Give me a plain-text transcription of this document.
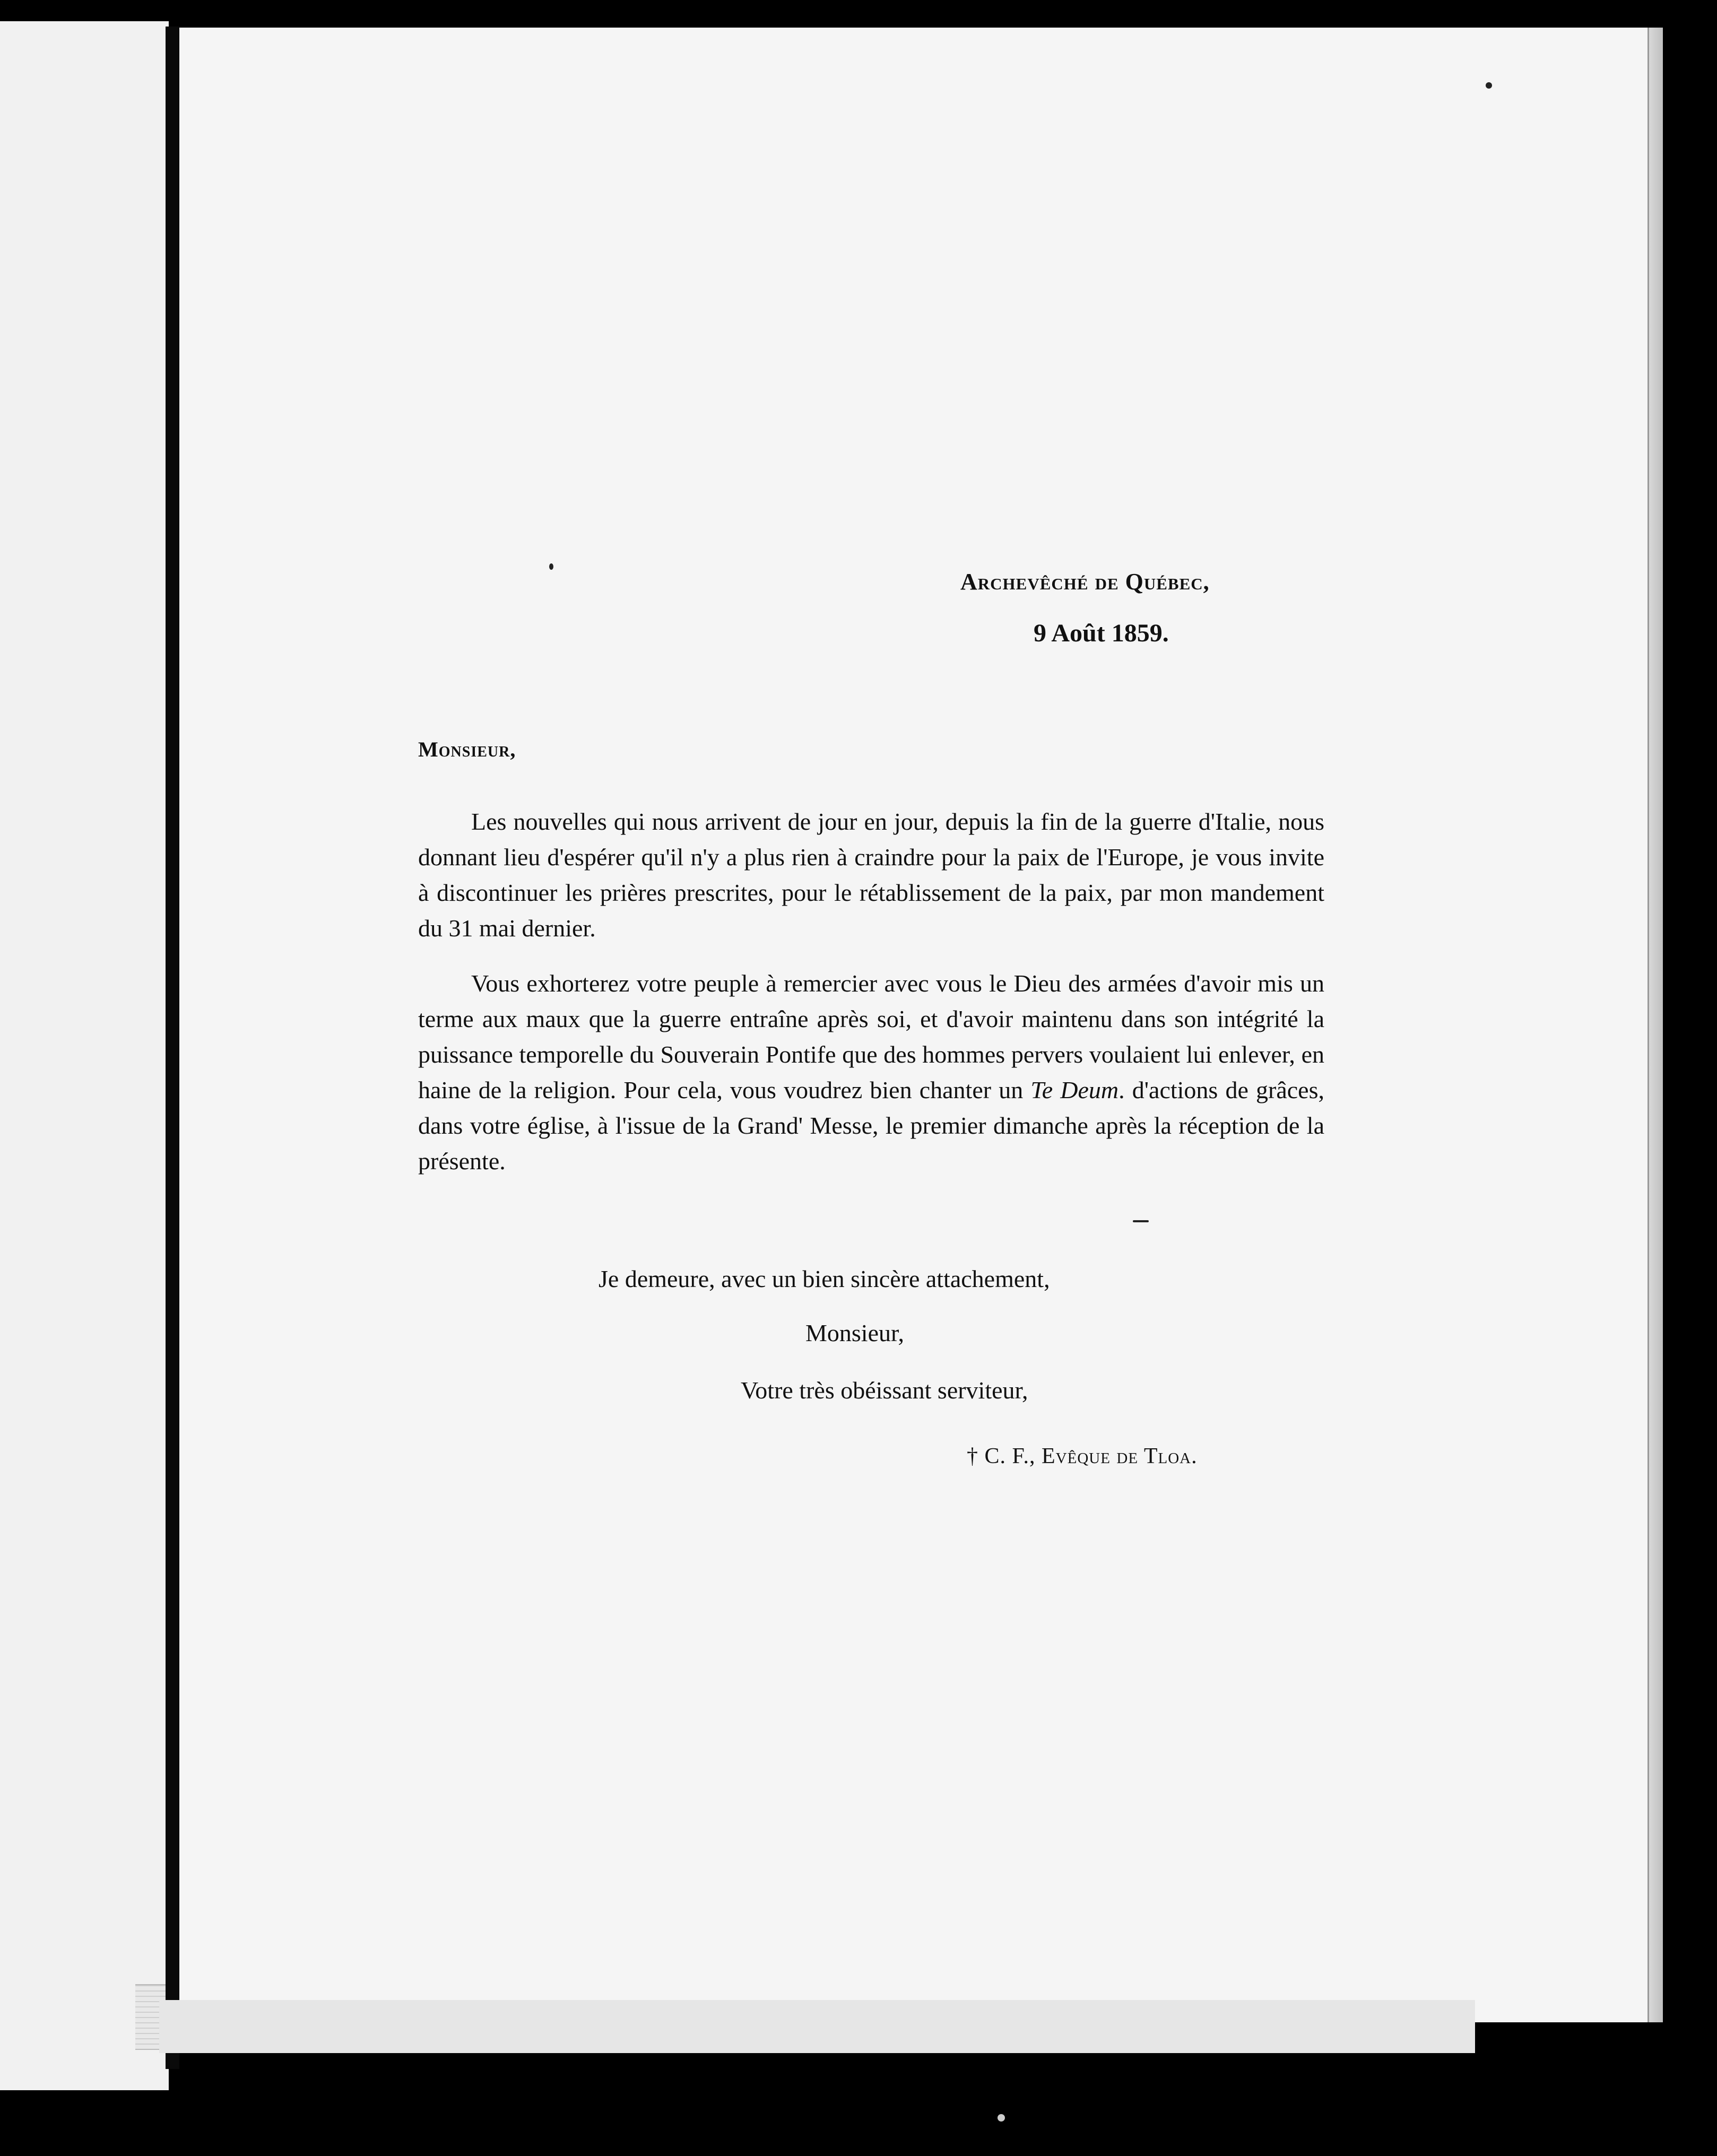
Archevêché de Québec,
9 Août 1859.
Monsieur,
Les nouvelles qui nous arrivent de jour en jour, depuis la fin de la guerre d'Italie, nous donnant lieu d'espérer qu'il n'y a plus rien à craindre pour la paix de l'Europe, je vous invite à discontinuer les prières prescrites, pour le rétablissement de la paix, par mon mandement du 31 mai dernier.
Vous exhorterez votre peuple à remercier avec vous le Dieu des armées d'avoir mis un terme aux maux que la guerre entraîne après soi, et d'avoir maintenu dans son intégrité la puissance temporelle du Souverain Pontife que des hommes pervers voulaient lui enlever, en haine de la religion. Pour cela, vous voudrez bien chanter un Te Deum. d'actions de grâces, dans votre église, à l'issue de la Grand' Messe, le premier dimanche après la réception de la présente.
Je demeure, avec un bien sincère attachement,
Monsieur,
Votre très obéissant serviteur,
† C. F., Evêque de Tloa.
